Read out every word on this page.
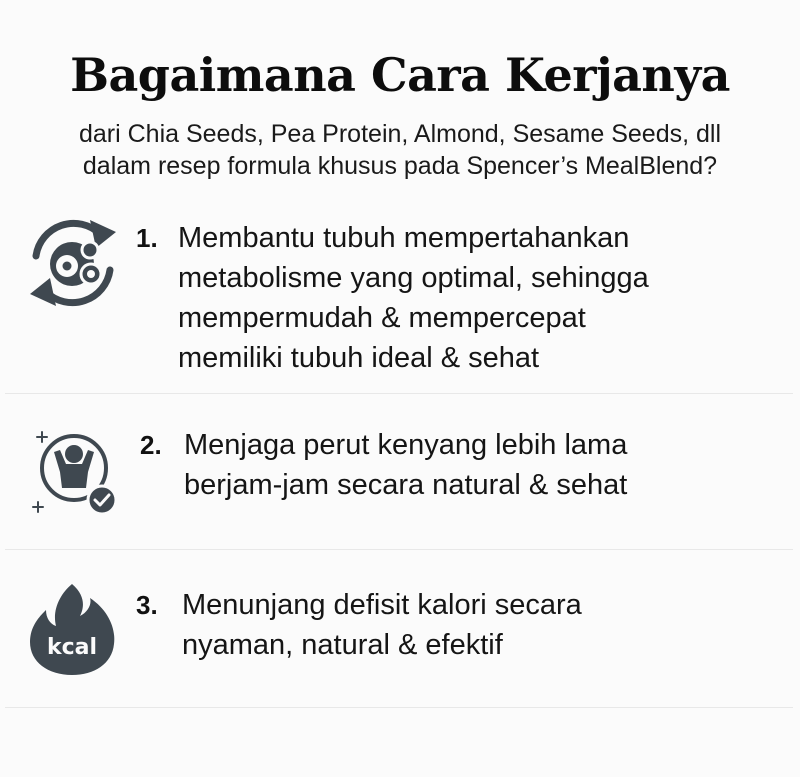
Bagaimana Cara Kerjanya
dari Chia Seeds, Pea Protein, Almond, Sesame Seeds, dll
dalam resep formula khusus pada Spencer’s MealBlend?
1. Membantu tubuh mempertahankan
metabolisme yang optimal, sehingga
mempermudah & mempercepat
memiliki tubuh ideal & sehat
2. Menjaga perut kenyang lebih lama
berjam-jam secara natural & sehat
kcal
3. Menunjang defisit kalori secara
nyaman, natural & efektif
